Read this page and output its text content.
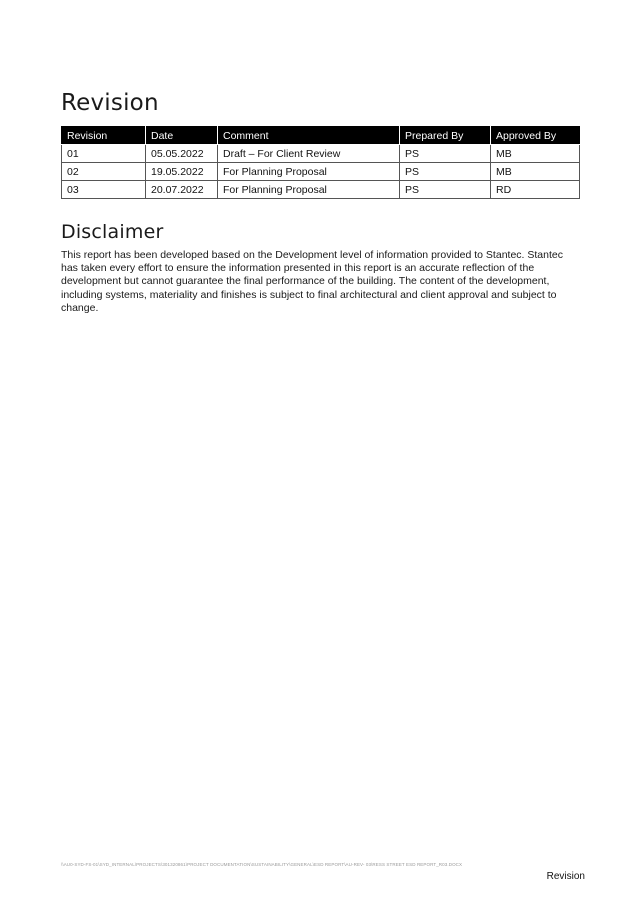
Revision
Revision	Date	Comment	Prepared By	Approved By
01	05.05.2022	Draft – For Client Review	PS	MB
02	19.05.2022	For Planning Proposal	PS	MB
03	20.07.2022	For Planning Proposal	PS	RD
Disclaimer

This report has been developed based on the Development level of information provided to Stantec. Stantec has taken every effort to ensure the information presented in this report is an accurate reflection of the development but cannot guarantee the final performance of the building. The content of the development, including systems, materiality and finishes is subject to final architectural and client approval and subject to change.

\\AU0-SYD-FS-01\SYD_INTERNAL\PROJECTS\301320861\PROJECT DOCUMENTATION\SUSTAINABILITY\GENERAL\ESD REPORT\AU-REV- 03\RESS STREET ESD REPORT_R03.DOCX
Revision
